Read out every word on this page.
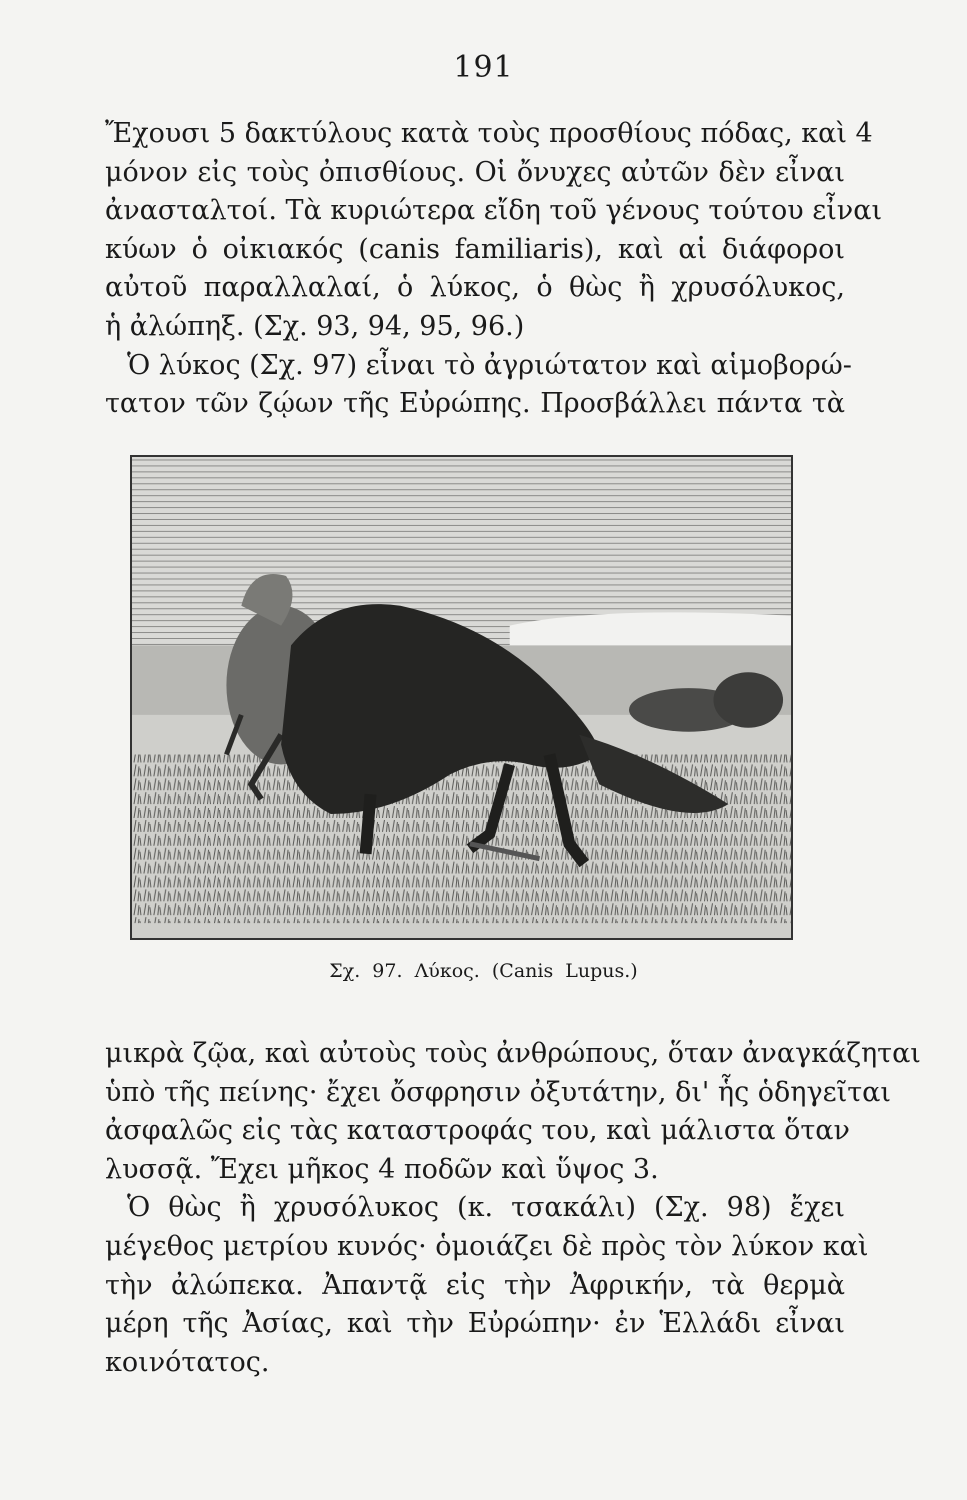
191
Ἔχουσι 5 δακτύλους κατὰ τοὺς προσθίους πόδας, καὶ 4
μόνον εἰς τοὺς ὀπισθίους. Οἱ ὄνυχες αὐτῶν δὲν εἶναι
ἀνασταλτοί. Τὰ κυριώτερα εἴδη τοῦ γένους τούτου εἶναι
κύων ὁ οἰκιακός (canis familiaris), καὶ αἱ διάφοροι
αὐτοῦ παραλλαλαί, ὁ λύκος, ὁ θὼς ἢ χρυσόλυκος,
ἡ ἀλώπηξ. (Σχ. 93, 94, 95, 96.)
Ὁ λύκος (Σχ. 97) εἶναι τὸ ἀγριώτατον καὶ αἱμοβορώ-
τατον τῶν ζῴων τῆς Εὐρώπης. Προσβάλλει πάντα τὰ
Σχ. 97. Λύκος. (Canis Lupus.)
μικρὰ ζῷα, καὶ αὐτοὺς τοὺς ἀνθρώπους, ὅταν ἀναγκάζηται
ὑπὸ τῆς πείνης· ἔχει ὄσφρησιν ὀξυτάτην, δι' ἧς ὁδηγεῖται
ἀσφαλῶς εἰς τὰς καταστροφάς του, καὶ μάλιστα ὅταν
λυσσᾷ. Ἔχει μῆκος 4 ποδῶν καὶ ὕψος 3.
Ὁ θὼς ἢ χρυσόλυκος (κ. τσακάλι) (Σχ. 98) ἔχει
μέγεθος μετρίου κυνός· ὁμοιάζει δὲ πρὸς τὸν λύκον καὶ
τὴν ἀλώπεκα. Ἀπαντᾷ εἰς τὴν Ἀφρικήν, τὰ θερμὰ
μέρη τῆς Ἀσίας, καὶ τὴν Εὐρώπην· ἐν Ἑλλάδι εἶναι
κοινότατος.
